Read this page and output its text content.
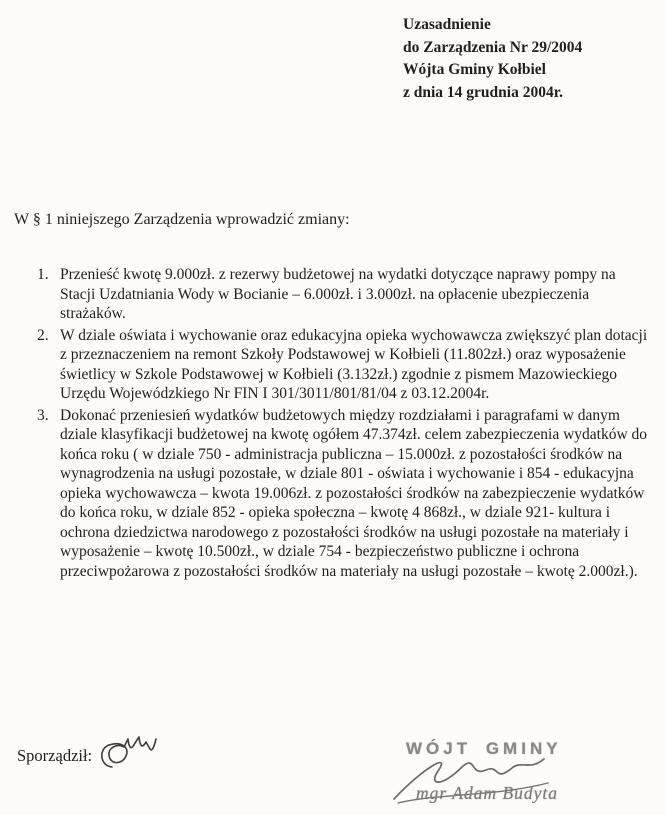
Uzasadnienie
do Zarządzenia Nr 29/2004
Wójta Gminy Kołbiel
z dnia 14 grudnia 2004r.

W § 1 niniejszego Zarządzenia wprowadzić zmiany:

1. Przenieść kwotę 9.000zł. z rezerwy budżetowej na wydatki dotyczące naprawy pompy na Stacji Uzdatniania Wody w Bocianie – 6.000zł. i 3.000zł. na opłacenie ubezpieczenia strażaków.
2. W dziale oświata i wychowanie oraz edukacyjna opieka wychowawcza zwiększyć plan dotacji z przeznaczeniem na remont Szkoły Podstawowej w Kołbieli (11.802zł.) oraz wyposażenie świetlicy w Szkole Podstawowej w Kołbieli (3.132zł.) zgodnie z pismem Mazowieckiego Urzędu Wojewódzkiego Nr FIN I 301/3011/801/81/04 z 03.12.2004r.
3. Dokonać przeniesień wydatków budżetowych między rozdziałami i paragrafami w danym dziale klasyfikacji budżetowej na kwotę ogółem 47.374zł. celem zabezpieczenia wydatków do końca roku ( w dziale 750 - administracja publiczna – 15.000zł. z pozostałości środków na wynagrodzenia na usługi pozostałe, w dziale 801 - oświata i wychowanie i 854 - edukacyjna opieka wychowawcza – kwota 19.006zł. z pozostałości środków na zabezpieczenie wydatków do końca roku, w dziale 852 - opieka społeczna – kwotę 4 868zł., w dziale 921- kultura i ochrona dziedzictwa narodowego z pozostałości środków na usługi pozostałe na materiały i wyposażenie – kwotę 10.500zł., w dziale 754 - bezpieczeństwo publiczne i ochrona przeciwpożarowa z pozostałości środków na materiały na usługi pozostałe – kwotę 2.000zł.).
Sporządził:	WÓJT GMINY
mgr Adam Budyta
